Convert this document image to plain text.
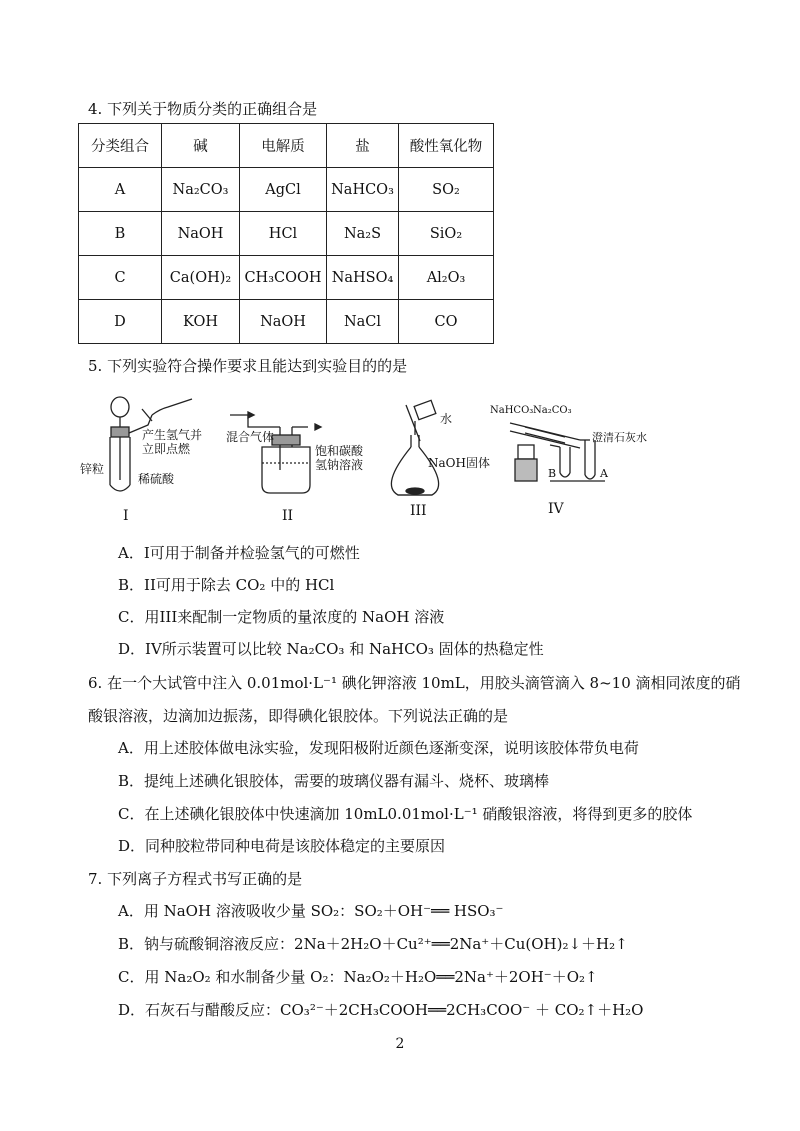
4. 下列关于物质分类的正确组合是
分类组合	碱	电解质	盐	酸性氧化物
A	Na₂CO₃	AgCl	NaHCO₃	SO₂
B	NaOH	HCl	Na₂S	SiO₂
C	Ca(OH)₂	CH₃COOH	NaHSO₄	Al₂O₃
D	KOH	NaOH	NaCl	CO
5. 下列实验符合操作要求且能达到实验目的的是
产生氢气并
立即点燃
锌粒
稀硫酸
混合气体
饱和碳酸
氢钠溶液
水
NaOH固体
NaHCO₃ Na₂CO₃
澄清石灰水
B	A
I	II	III	IV
A．I可用于制备并检验氢气的可燃性
B．II可用于除去 CO₂ 中的 HCl
C．用III来配制一定物质的量浓度的 NaOH 溶液
D．IV所示装置可以比较 Na₂CO₃ 和 NaHCO₃ 固体的热稳定性
6. 在一个大试管中注入 0.01mol·L⁻¹ 碘化钾溶液 10mL，用胶头滴管滴入 8~10 滴相同浓度的硝
酸银溶液，边滴加边振荡，即得碘化银胶体。下列说法正确的是
A．用上述胶体做电泳实验，发现阳极附近颜色逐渐变深，说明该胶体带负电荷
B．提纯上述碘化银胶体，需要的玻璃仪器有漏斗、烧杯、玻璃棒
C．在上述碘化银胶体中快速滴加 10mL0.01mol·L⁻¹ 硝酸银溶液，将得到更多的胶体
D．同种胶粒带同种电荷是该胶体稳定的主要原因
7. 下列离子方程式书写正确的是
A．用 NaOH 溶液吸收少量 SO₂：SO₂＋OH⁻══ HSO₃⁻
B．钠与硫酸铜溶液反应：2Na＋2H₂O＋Cu²⁺══2Na⁺＋Cu(OH)₂↓＋H₂↑
C．用 Na₂O₂ 和水制备少量 O₂：Na₂O₂＋H₂O══2Na⁺＋2OH⁻＋O₂↑
D．石灰石与醋酸反应：CO₃²⁻＋2CH₃COOH══2CH₃COO⁻ ＋ CO₂↑＋H₂O
2
